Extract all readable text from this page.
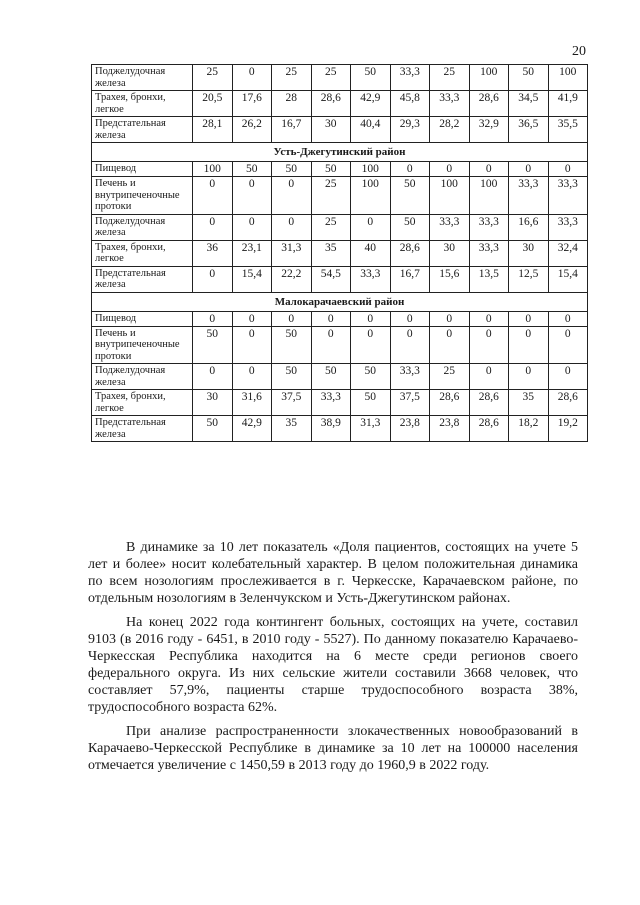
20
Поджелудочная железа	25	0	25	25	50	33,3	25	100	50	100
Трахея, бронхи, легкое	20,5	17,6	28	28,6	42,9	45,8	33,3	28,6	34,5	41,9
Предстательная железа	28,1	26,2	16,7	30	40,4	29,3	28,2	32,9	36,5	35,5
Усть-Джегутинский район										
Пищевод	100	50	50	50	100	0	0	0	0	0
Печень и внутрипеченочные протоки	0	0	0	25	100	50	100	100	33,3	33,3
Поджелудочная железа	0	0	0	25	0	50	33,3	33,3	16,6	33,3
Трахея, бронхи, легкое	36	23,1	31,3	35	40	28,6	30	33,3	30	32,4
Предстательная железа	0	15,4	22,2	54,5	33,3	16,7	15,6	13,5	12,5	15,4
Малокарачаевский район										
Пищевод	0	0	0	0	0	0	0	0	0	0
Печень и внутрипеченочные протоки	50	0	50	0	0	0	0	0	0	0
Поджелудочная железа	0	0	50	50	50	33,3	25	0	0	0
Трахея, бронхи, легкое	30	31,6	37,5	33,3	50	37,5	28,6	28,6	35	28,6
Предстательная железа	50	42,9	35	38,9	31,3	23,8	23,8	28,6	18,2	19,2

В динамике за 10 лет показатель «Доля пациентов, состоящих на учете 5 лет и более» носит колебательный характер. В целом положительная динамика по всем нозологиям прослеживается в г. Черкесске, Карачаевском районе, по отдельным нозологиям в Зеленчукском и Усть-Джегутинском районах.

На конец 2022 года контингент больных, состоящих на учете, составил 9103 (в 2016 году - 6451, в 2010 году - 5527). По данному показателю Карачаево-Черкесская Республика находится на 6 месте среди регионов своего федерального округа. Из них сельские жители составили 3668 человек, что составляет 57,9%, пациенты старше трудоспособного возраста 38%, трудоспособного возраста 62%.

При анализе распространенности злокачественных новообразований в Карачаево-Черкесской Республике в динамике за 10 лет на 100000 населения отмечается увеличение с 1450,59 в 2013 году до 1960,9 в 2022 году.
